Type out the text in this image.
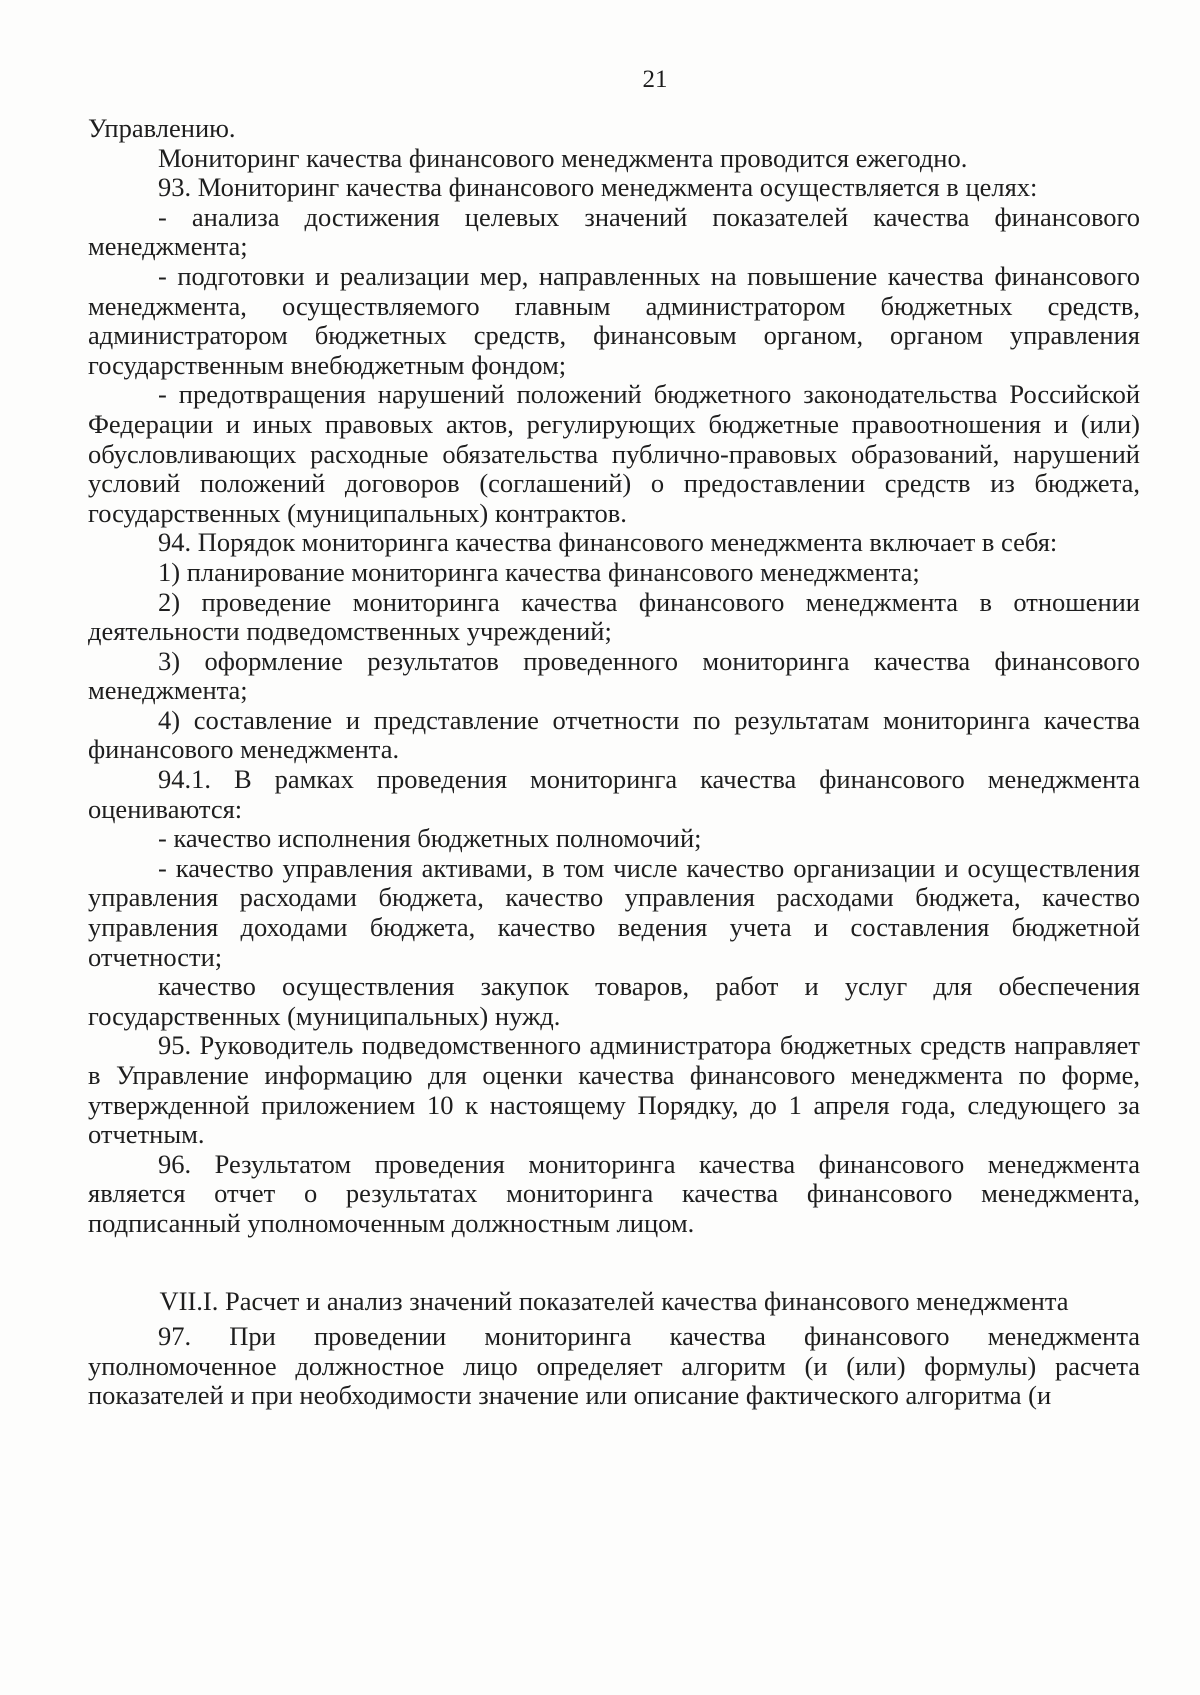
21

Управлению.

Мониторинг качества финансового менеджмента проводится ежегодно.

93. Мониторинг качества финансового менеджмента осуществляется в целях:

- анализа достижения целевых значений показателей качества финансового менеджмента;

- подготовки и реализации мер, направленных на повышение качества финансового менеджмента, осуществляемого главным администратором бюджетных средств, администратором бюджетных средств, финансовым органом, органом управления государственным внебюджетным фондом;

- предотвращения нарушений положений бюджетного законодательства Российской Федерации и иных правовых актов, регулирующих бюджетные правоотношения и (или) обусловливающих расходные обязательства публично-правовых образований, нарушений условий положений договоров (соглашений) о предоставлении средств из бюджета, государственных (муниципальных) контрактов.

94. Порядок мониторинга качества финансового менеджмента включает в себя:

1) планирование мониторинга качества финансового менеджмента;

2) проведение мониторинга качества финансового менеджмента в отношении деятельности подведомственных учреждений;

3) оформление результатов проведенного мониторинга качества финансового менеджмента;

4) составление и представление отчетности по результатам мониторинга качества финансового менеджмента.

94.1. В рамках проведения мониторинга качества финансового менеджмента оцениваются:

- качество исполнения бюджетных полномочий;

- качество управления активами, в том числе качество организации и осуществления управления расходами бюджета, качество управления расходами бюджета, качество управления доходами бюджета, качество ведения учета и составления бюджетной отчетности;

качество осуществления закупок товаров, работ и услуг для обеспечения государственных (муниципальных) нужд.

95. Руководитель подведомственного администратора бюджетных средств направляет в Управление информацию для оценки качества финансового менеджмента по форме, утвержденной приложением 10 к настоящему Порядку, до 1 апреля года, следующего за отчетным.

96. Результатом проведения мониторинга качества финансового менеджмента является отчет о результатах мониторинга качества финансового менеджмента, подписанный уполномоченным должностным лицом.

VII.I. Расчет и анализ значений показателей качества финансового менеджмента

97. При проведении мониторинга качества финансового менеджмента уполномоченное должностное лицо определяет алгоритм (и (или) формулы) расчета показателей и при необходимости значение или описание фактического алгоритма (и
